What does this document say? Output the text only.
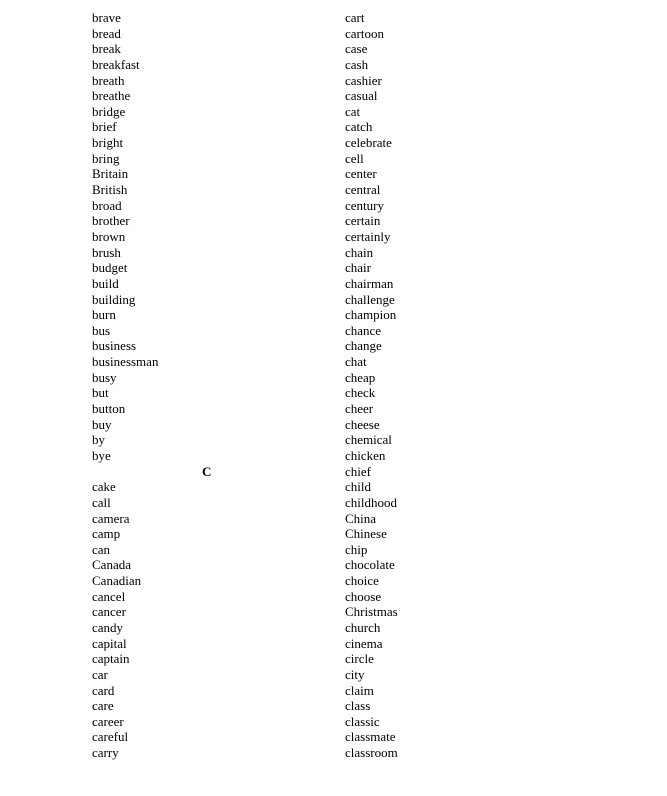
brave
bread
break
breakfast
breath
breathe
bridge
brief
bright
bring
Britain
British
broad
brother
brown
brush
budget
build
building
burn
bus
business
businessman
busy
but
button
buy
by
bye
C
cake
call
camera
camp
can
Canada
Canadian
cancel
cancer
candy
capital
captain
car
card
care
career
careful
carry
cart
cartoon
case
cash
cashier
casual
cat
catch
celebrate
cell
center
central
century
certain
certainly
chain
chair
chairman
challenge
champion
chance
change
chat
cheap
check
cheer
cheese
chemical
chicken
chief
child
childhood
China
Chinese
chip
chocolate
choice
choose
Christmas
church
cinema
circle
city
claim
class
classic
classmate
classroom
